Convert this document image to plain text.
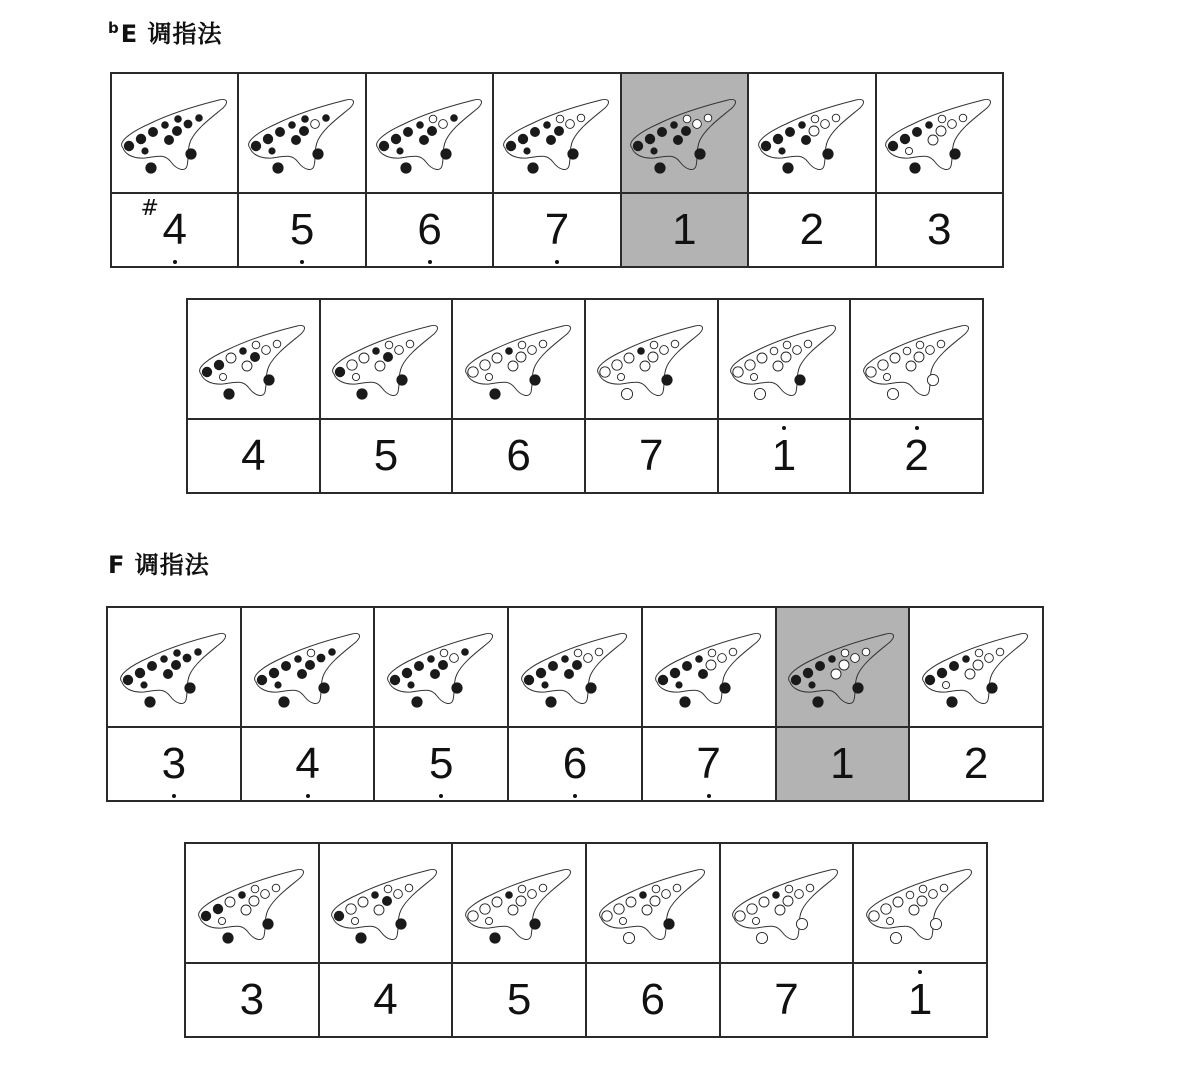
$^b$E 调指法
F 调指法

# 4	5	6	7	1	2	3

4	5	6	7	1	2

3	4	5	6	7	1	2

3	4	5	6	7	1
